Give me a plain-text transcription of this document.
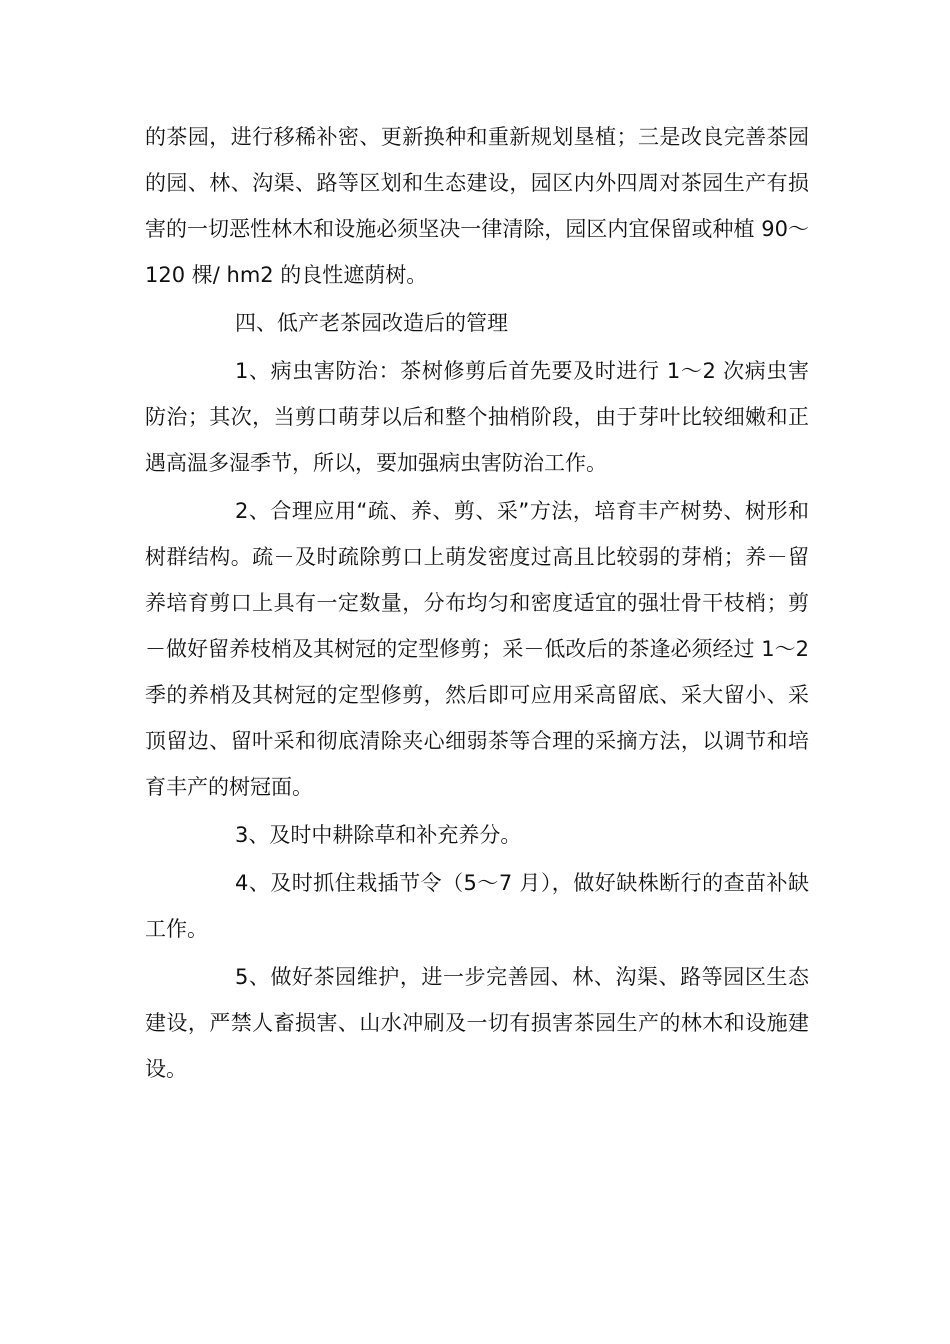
的茶园，进行移稀补密、更新换种和重新规划垦植；三是改良完善茶园的园、林、沟渠、路等区划和生态建设，园区内外四周对茶园生产有损害的一切恶性林木和设施必须坚决一律清除，园区内宜保留或种植 90～120 棵/ hm2 的良性遮荫树。

四、低产老茶园改造后的管理

1、病虫害防治：茶树修剪后首先要及时进行 1～2 次病虫害防治；其次，当剪口萌芽以后和整个抽梢阶段，由于芽叶比较细嫩和正遇高温多湿季节，所以，要加强病虫害防治工作。

2、合理应用“疏、养、剪、采”方法，培育丰产树势、树形和树群结构。疏－及时疏除剪口上萌发密度过高且比较弱的芽梢；养－留养培育剪口上具有一定数量，分布均匀和密度适宜的强壮骨干枝梢；剪－做好留养枝梢及其树冠的定型修剪；采－低改后的茶逢必须经过 1～2 季的养梢及其树冠的定型修剪，然后即可应用采高留底、采大留小、采顶留边、留叶采和彻底清除夹心细弱茶等合理的采摘方法，以调节和培育丰产的树冠面。

3、及时中耕除草和补充养分。

4、及时抓住栽插节令（5～7 月），做好缺株断行的查苗补缺工作。

5、做好茶园维护，进一步完善园、林、沟渠、路等园区生态建设，严禁人畜损害、山水冲刷及一切有损害茶园生产的林木和设施建设。
